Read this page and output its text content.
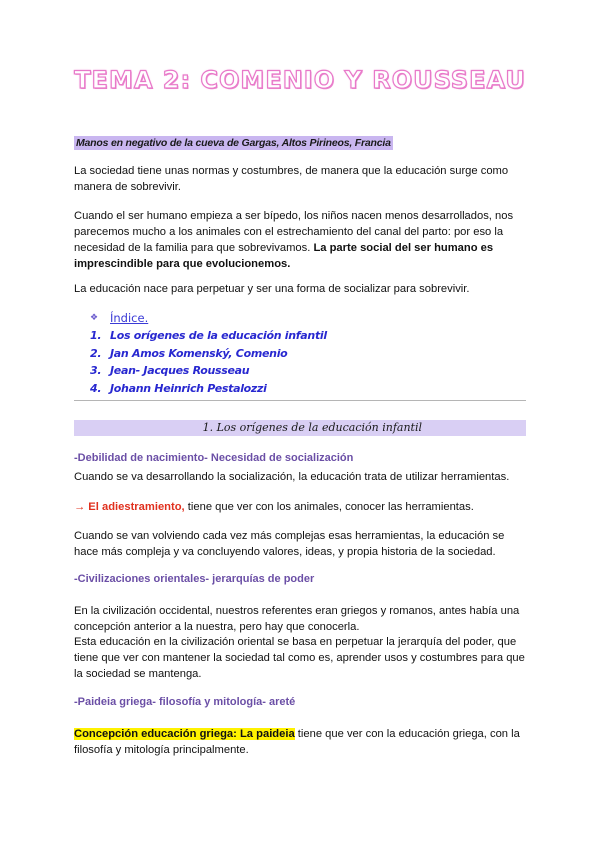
TEMA 2: COMENIO Y ROUSSEAU
Manos en negativo de la cueva de Gargas, Altos Pirineos, Francia
La sociedad tiene unas normas y costumbres, de manera que la educación surge como manera de sobrevivir.
Cuando el ser humano empieza a ser bípedo, los niños nacen menos desarrollados, nos parecemos mucho a los animales con el estrechamiento del canal del parto: por eso la necesidad de la familia para que sobrevivamos. La parte social del ser humano es imprescindible para que evolucionemos.
La educación nace para perpetuar y ser una forma de socializar para sobrevivir.
❖	Índice.
1. Los orígenes de la educación infantil
2. Jan Amos Komenský, Comenio
3. Jean- Jacques Rousseau
4. Johann Heinrich Pestalozzi
1. Los orígenes de la educación infantil
-Debilidad de nacimiento- Necesidad de socialización
Cuando se va desarrollando la socialización, la educación trata de utilizar herramientas.
→ El adiestramiento, tiene que ver con los animales, conocer las herramientas.
Cuando se van volviendo cada vez más complejas esas herramientas, la educación se hace más compleja y va concluyendo valores, ideas, y propia historia de la sociedad.
-Civilizaciones orientales- jerarquías de poder
En la civilización occidental, nuestros referentes eran griegos y romanos, antes había una concepción anterior a la nuestra, pero hay que conocerla.
Esta educación en la civilización oriental se basa en perpetuar la jerarquía del poder, que tiene que ver con mantener la sociedad tal como es, aprender usos y costumbres para que la sociedad se mantenga.
-Paideia griega- filosofía y mitología- areté
Concepción educación griega: La paideia tiene que ver con la educación griega, con la filosofía y mitología principalmente.
